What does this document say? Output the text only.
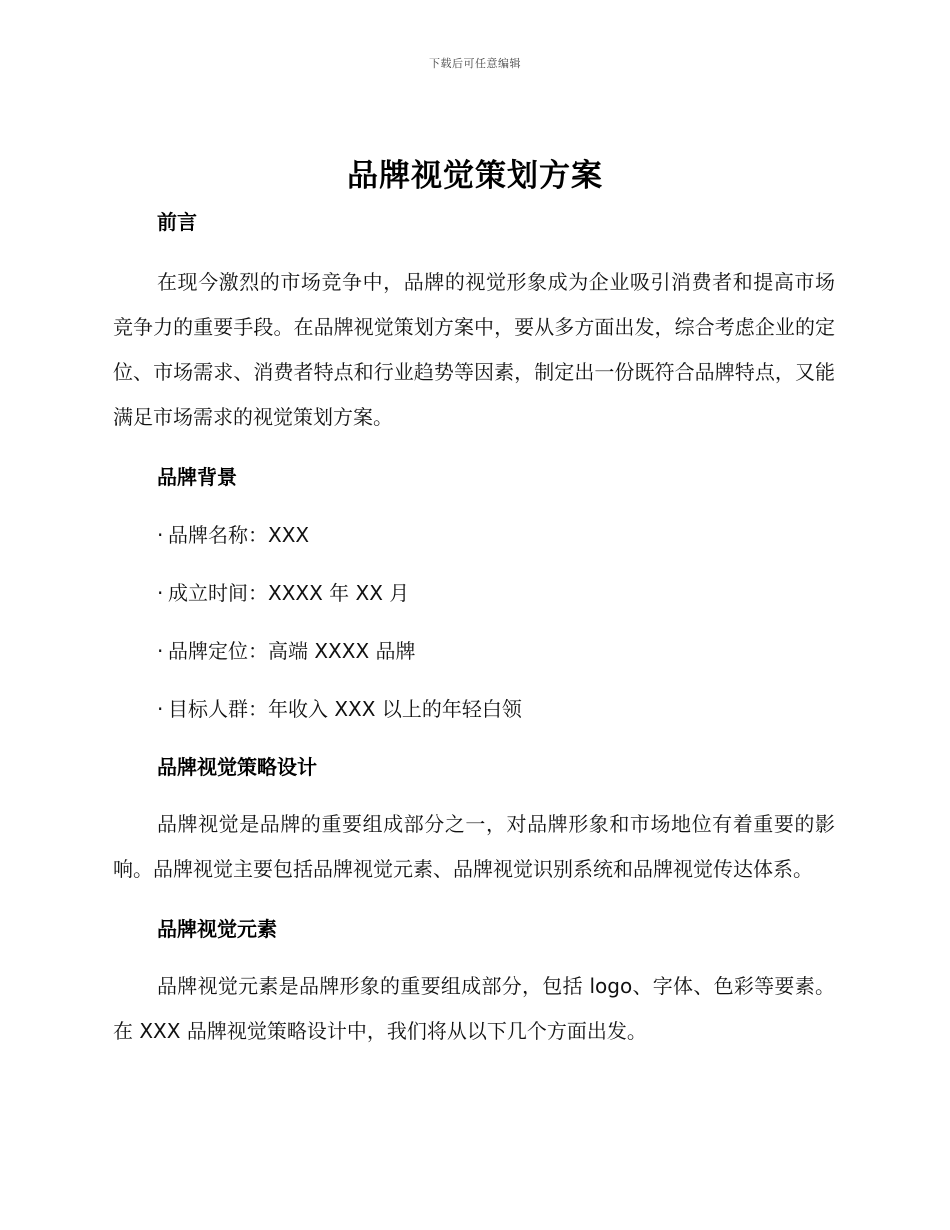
下载后可任意编辑
品牌视觉策划方案
前言

在现今激烈的市场竞争中，品牌的视觉形象成为企业吸引消费者和提高市场竞争力的重要手段。在品牌视觉策划方案中，要从多方面出发，综合考虑企业的定位、市场需求、消费者特点和行业趋势等因素，制定出一份既符合品牌特点，又能满足市场需求的视觉策划方案。

品牌背景
· 品牌名称：XXX
· 成立时间：XXXX 年 XX 月
· 品牌定位：高端 XXXX 品牌
· 目标人群：年收入 XXX 以上的年轻白领
品牌视觉策略设计

品牌视觉是品牌的重要组成部分之一，对品牌形象和市场地位有着重要的影响。品牌视觉主要包括品牌视觉元素、品牌视觉识别系统和品牌视觉传达体系。

品牌视觉元素

品牌视觉元素是品牌形象的重要组成部分，包括 logo、字体、色彩等要素。在 XXX 品牌视觉策略设计中，我们将从以下几个方面出发。
